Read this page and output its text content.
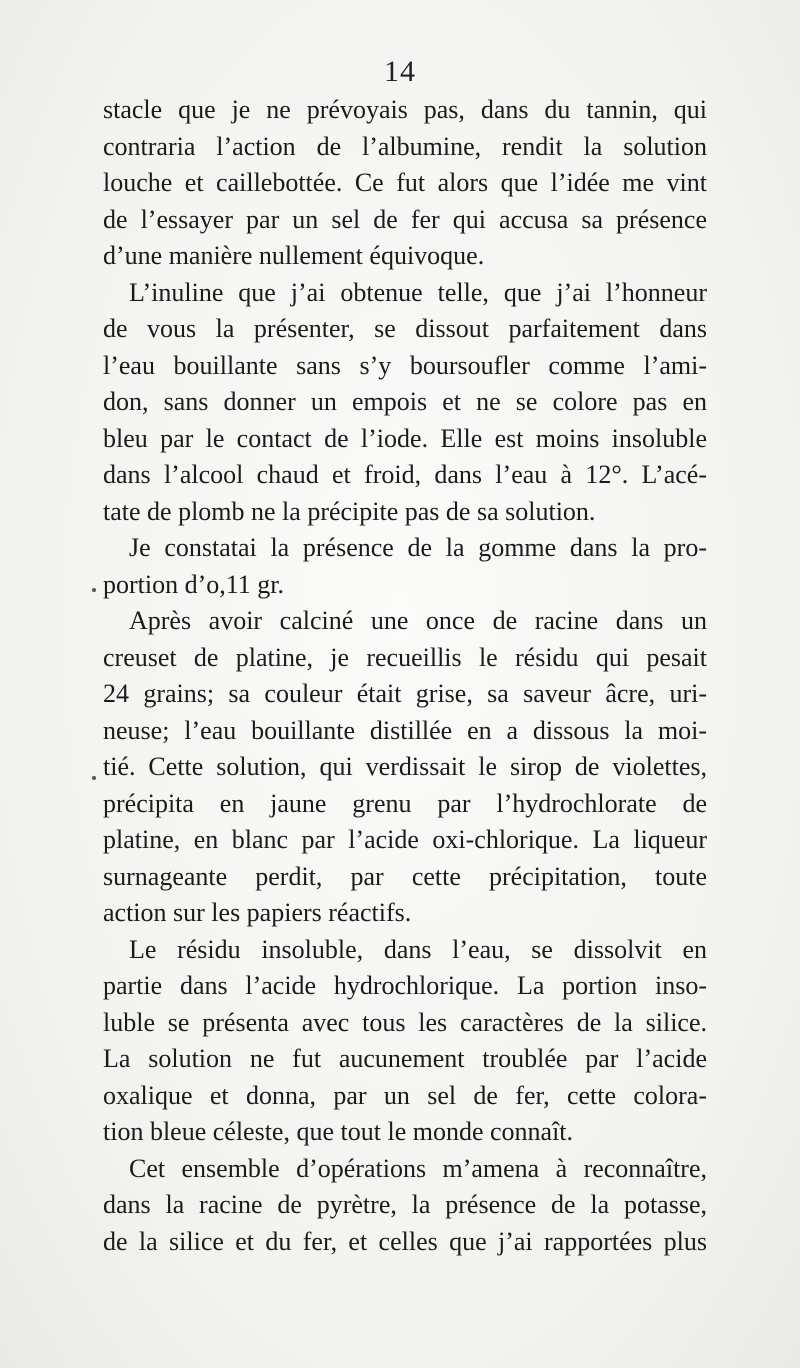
14
stacle que je ne prévoyais pas, dans du tannin, qui
contraria l’action de l’albumine, rendit la solution
louche et caillebottée. Ce fut alors que l’idée me vint
de l’essayer par un sel de fer qui accusa sa présence
d’une manière nullement équivoque.
L’inuline que j’ai obtenue telle, que j’ai l’honneur
de vous la présenter, se dissout parfaitement dans
l’eau bouillante sans s’y boursoufler comme l’ami-
don, sans donner un empois et ne se colore pas en
bleu par le contact de l’iode. Elle est moins insoluble
dans l’alcool chaud et froid, dans l’eau à 12°. L’acé-
tate de plomb ne la précipite pas de sa solution.
Je constatai la présence de la gomme dans la pro-
portion d’o,11 gr.
Après avoir calciné une once de racine dans un
creuset de platine, je recueillis le résidu qui pesait
24 grains; sa couleur était grise, sa saveur âcre, uri-
neuse; l’eau bouillante distillée en a dissous la moi-
tié. Cette solution, qui verdissait le sirop de violettes,
précipita en jaune grenu par l’hydrochlorate de
platine, en blanc par l’acide oxi-chlorique. La liqueur
surnageante perdit, par cette précipitation, toute
action sur les papiers réactifs.
Le résidu insoluble, dans l’eau, se dissolvit en
partie dans l’acide hydrochlorique. La portion inso-
luble se présenta avec tous les caractères de la silice.
La solution ne fut aucunement troublée par l’acide
oxalique et donna, par un sel de fer, cette colora-
tion bleue céleste, que tout le monde connaît.
Cet ensemble d’opérations m’amena à reconnaître,
dans la racine de pyrètre, la présence de la potasse,
de la silice et du fer, et celles que j’ai rapportées plus
